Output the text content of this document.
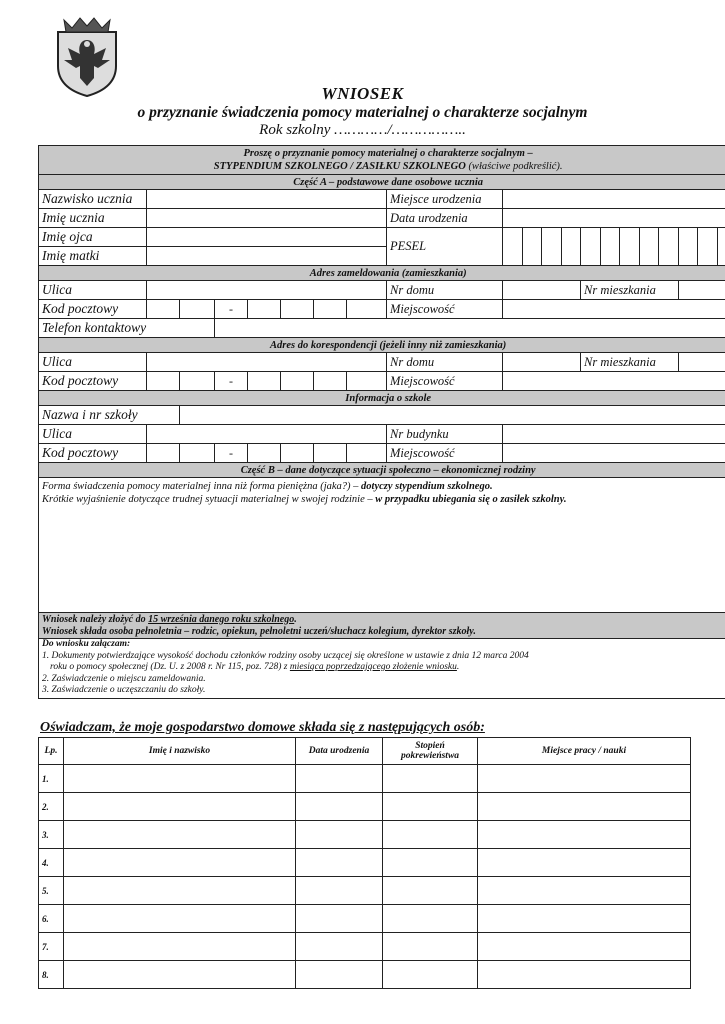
WNIOSEK
o przyznanie świadczenia pomocy materialnej o charakterze socjalnym
Rok szkolny …………/……………..
Proszę o przyznanie pomocy materialnej o charakterze socjalnym –
STYPENDIUM SZKOLNEGO / ZASIŁKU SZKOLNEGO (właściwe podkreślić).																				
Część A – podstawowe dane osobowe ucznia																				
Nazwisko ucznia								Miejsce urodzenia												
Imię ucznia								Data urodzenia												
Imię ojca								PESEL												
Imię matki																				
Adres zameldowania (zamieszkania)																				
Ulica								Nr domu					Nr mieszkania							
Kod pocztowy			-					Miejscowość												
Telefon kontaktowy																				
Adres do korespondencji (jeżeli inny niż zamieszkania)																				
Ulica								Nr domu					Nr mieszkania							
Kod pocztowy			-					Miejscowość												
Informacja o szkole																				
Nazwa i nr szkoły																				
Ulica								Nr budynku												
Kod pocztowy			-					Miejscowość												
Część B – dane dotyczące sytuacji społeczno – ekonomicznej rodziny																				
Forma świadczenia pomocy materialnej inna niż forma pieniężna (jaka?) – dotyczy stypendium szkolnego.
Krótkie wyjaśnienie dotyczące trudnej sytuacji materialnej w swojej rodzinie – w przypadku ubiegania się o zasiłek szkolny.																				
Wniosek należy złożyć do 15 września danego roku szkolnego.
Wniosek składa osoba pełnoletnia – rodzic, opiekun, pełnoletni uczeń/słuchacz kolegium, dyrektor szkoły.																				
Do wniosku załączam:
1. Dokumenty potwierdzające wysokość dochodu członków rodziny osoby uczącej się określone w ustawie z dnia 12 marca 2004
roku o pomocy społecznej (Dz. U. z 2008 r. Nr 115, poz. 728) z miesiąca poprzedzającego złożenie wniosku.
2. Zaświadczenie o miejscu zameldowania.
3. Zaświadczenie o uczęszczaniu do szkoły.																				
Oświadczam, że moje gospodarstwo domowe składa się z następujących osób:
Lp.	Imię i nazwisko	Data urodzenia	Stopień pokrewieństwa	Miejsce pracy / nauki
1.				
2.				
3.				
4.				
5.				
6.				
7.				
8.				
